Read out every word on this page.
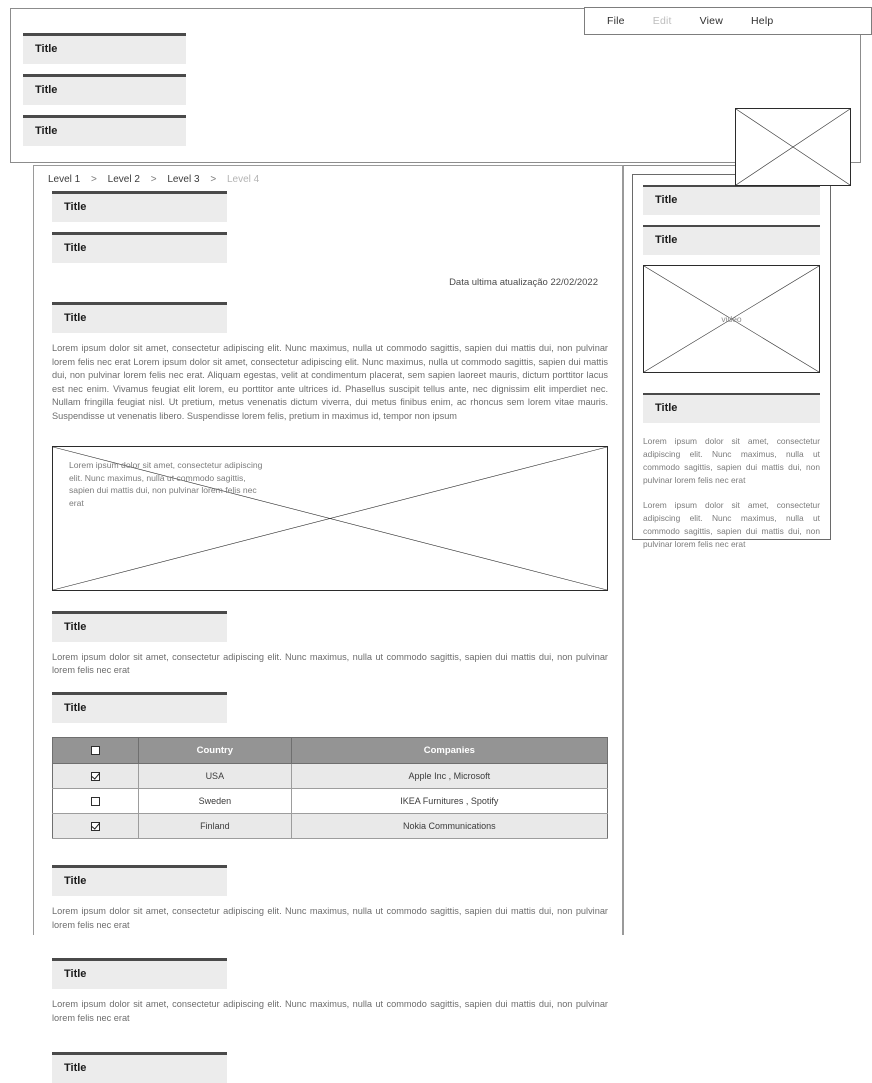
File	Edit	View	Help
Title
Title
Title
Level 1 > Level 2 > Level 3 > Level 4
Title
Title
Data ultima atualização 22/02/2022
Title

Lorem ipsum dolor sit amet, consectetur adipiscing elit. Nunc maximus, nulla ut commodo sagittis, sapien dui mattis dui, non pulvinar lorem felis nec erat Lorem ipsum dolor sit amet, consectetur adipiscing elit. Nunc maximus, nulla ut commodo sagittis, sapien dui mattis dui, non pulvinar lorem felis nec erat. Aliquam egestas, velit at condimentum placerat, sem sapien laoreet mauris, dictum porttitor lacus est nec enim. Vivamus feugiat elit lorem, eu porttitor ante ultrices id. Phasellus suscipit tellus ante, nec dignissim elit imperdiet nec. Nullam fringilla feugiat nisl. Ut pretium, metus venenatis dictum viverra, dui metus finibus enim, ac rhoncus sem lorem vitae mauris. Suspendisse ut venenatis libero. Suspendisse lorem felis, pretium in maximus id, tempor non ipsum

Lorem ipsum dolor sit amet, consectetur adipiscing elit. Nunc maximus, nulla ut commodo sagittis, sapien dui mattis dui, non pulvinar lorem felis nec erat
Title

Lorem ipsum dolor sit amet, consectetur adipiscing elit. Nunc maximus, nulla ut commodo sagittis, sapien dui mattis dui, non pulvinar lorem felis nec erat

Title
	Country	Companies
	USA	Apple Inc , Microsoft
	Sweden	IKEA Furnitures , Spotify
	Finland	Nokia Communications
Title

Lorem ipsum dolor sit amet, consectetur adipiscing elit. Nunc maximus, nulla ut commodo sagittis, sapien dui mattis dui, non pulvinar lorem felis nec erat

Title

Lorem ipsum dolor sit amet, consectetur adipiscing elit. Nunc maximus, nulla ut commodo sagittis, sapien dui mattis dui, non pulvinar lorem felis nec erat

Title
Title
Title
video
Title

Lorem ipsum dolor sit amet, consectetur adipiscing elit. Nunc maximus, nulla ut commodo sagittis, sapien dui mattis dui, non pulvinar lorem felis nec erat

Lorem ipsum dolor sit amet, consectetur adipiscing elit. Nunc maximus, nulla ut commodo sagittis, sapien dui mattis dui, non pulvinar lorem felis nec erat
